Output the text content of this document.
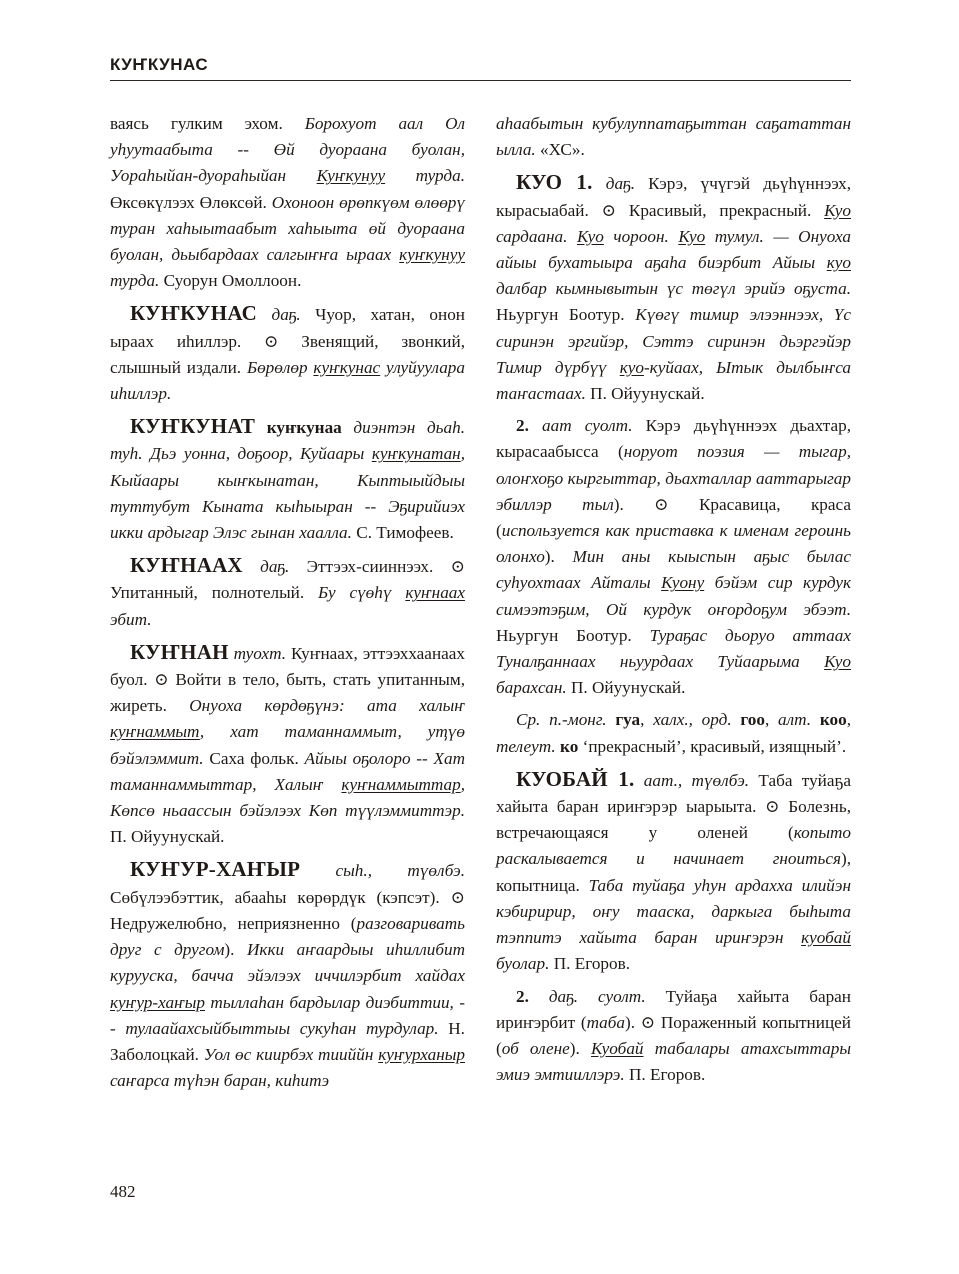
КУҤКУНАС

ваясь гулким эхом. Борохуот аал Ол уһуутаабыта -- Өй дуораана буолан, Уораһыйан-дуораһыйан Куҥкунуу турда. Өксөкүлээх Өлөксөй. Охоноон өрөпкүөм өлөөрү туран хаһыытаабыт хаһыыта өй дуораана буолан, дьыбардаах салгыҥҥа ыраах куҥкунуу турда. Суорун Омоллоон.

КУҤКУНАС даҕ. Чуор, хатан, онон ыраах иһиллэр. ⊙ Звенящий, звонкий, слышный издали. Бөрөлөр куҥкунас улуйуулара иһиллэр.

КУҤКУНАТ куҥкунаа диэнтэн дьаһ. туһ. Дьэ уонна, доҕоор, Куйаары куҥкунатан, Кыйаары кыҥкынатан, Кыптыыйдыы туттубут Кыната кыһыыран -- Эҕирийиэх икки ардыгар Элэс гынан хаалла. С. Тимофеев.

КУҤНААХ даҕ. Эттээх-сииннээх. ⊙ Упитанный, полнотелый. Бу сүөһү куҥнаах эбит.

КУҤНАН туохт. Куҥнаах, эттээххаанаах буол. ⊙ Войти в тело, быть, стать упитанным, жиреть. Онуоха көрдөҕүнэ: ата халыҥ куҥнаммыт, хат таманнаммыт, уҭүө бэйэлэммит. Саха фольк. Айыы оҕолоро -- Хат таманнаммыттар, Халыҥ куҥнаммыттар, Көпсө ньаассын бэйэлээх Көп түүлэммиттэр. П. Ойуунускай.

КУҤУР-ХАҤЫР сыһ., түөлбэ. Сөбүлээбэттик, абааһы көрөрдүк (кэпсэт). ⊙ Недружелюбно, неприязненно (разговаривать друг с другом). Икки аҥаардыы иһиллибит куруускa, бачча эйэлээх иччилэрбит хайдах куҥур-хаҥыр тыллаһан бардылар диэбиттии, -- тулаайахсыйбыттыы сукуһан турдулар. Н. Заболоцкай. Уол өс киирбэх тииййн куҥурханыр саҥарса түһэн баран, киһитэ

аһаабытын кубулуппатаҕыттан саҕататтан ылла. «ХС».

КУО 1. даҕ. Кэрэ, үчүгэй дьүһүннээх, кырасыабай. ⊙ Красивый, прекрасный. Куо сардаана. Куо чороон. Куо тумул. — Онуоха айыы бухатыыра аҕаһа биэрбит Айыы куо далбар кымнывытын үс төгүл эрийэ оҕуста. Ньургун Боотур. Күөгү тимир элээннээх, Үс сиринэн эргийэр, Сэттэ сиринэн дьэргэйэр Тимир дүрбүү куо-куйаах, Ытык дылбыҥса таҥастаах. П. Ойуунускай.

2. аат суолт. Кэрэ дьүһүннээх дьахтар, кырасаабысса (норуот поэзия — тыгар, олоҥхоҕо кыргыттар, дьахталлар ааттарыгар эбиллэр тыл). ⊙ Красавица, краса (используется как приставка к именам героинь олонхо). Мин аны кыыспын аҕыс былас суһуохтаах Айталы Куону бэйэм сир курдук симээтэҕим, Ой курдук оҥордоҕум эбээт. Ньургун Боотур. Тураҕас дьоруо аттаах Туналҕаннаах ньуурдаах Туйаарыма Куо бараxсан. П. Ойуунускай.

Ср. п.-монг. гуа, халх., орд. гоо, алт. коо, телеут. ко ‘прекрасный’, красивый, изящный’.

КУОБАЙ 1. аат., түөлбэ. Таба туйаҕа хайыта баран ириҥэрэр ыарыыта. ⊙ Болезнь, встречающаяся у оленей (копыто раскалывается и начинает гноиться), копытница. Таба туйаҕа уһун ардахха илийэн кэбиририр, оҥу тааска, даркыга быһыта тэппитэ хайыта баран ириҥэрэн куобай буолар. П. Егоров.

2. даҕ. суолт. Туйаҕа хайыта баран ириҥэрбит (таба). ⊙ Пораженный копытницей (об олене). Куобай табалары атахсыттары эмиэ эмтииллэрэ. П. Егоров.

482
